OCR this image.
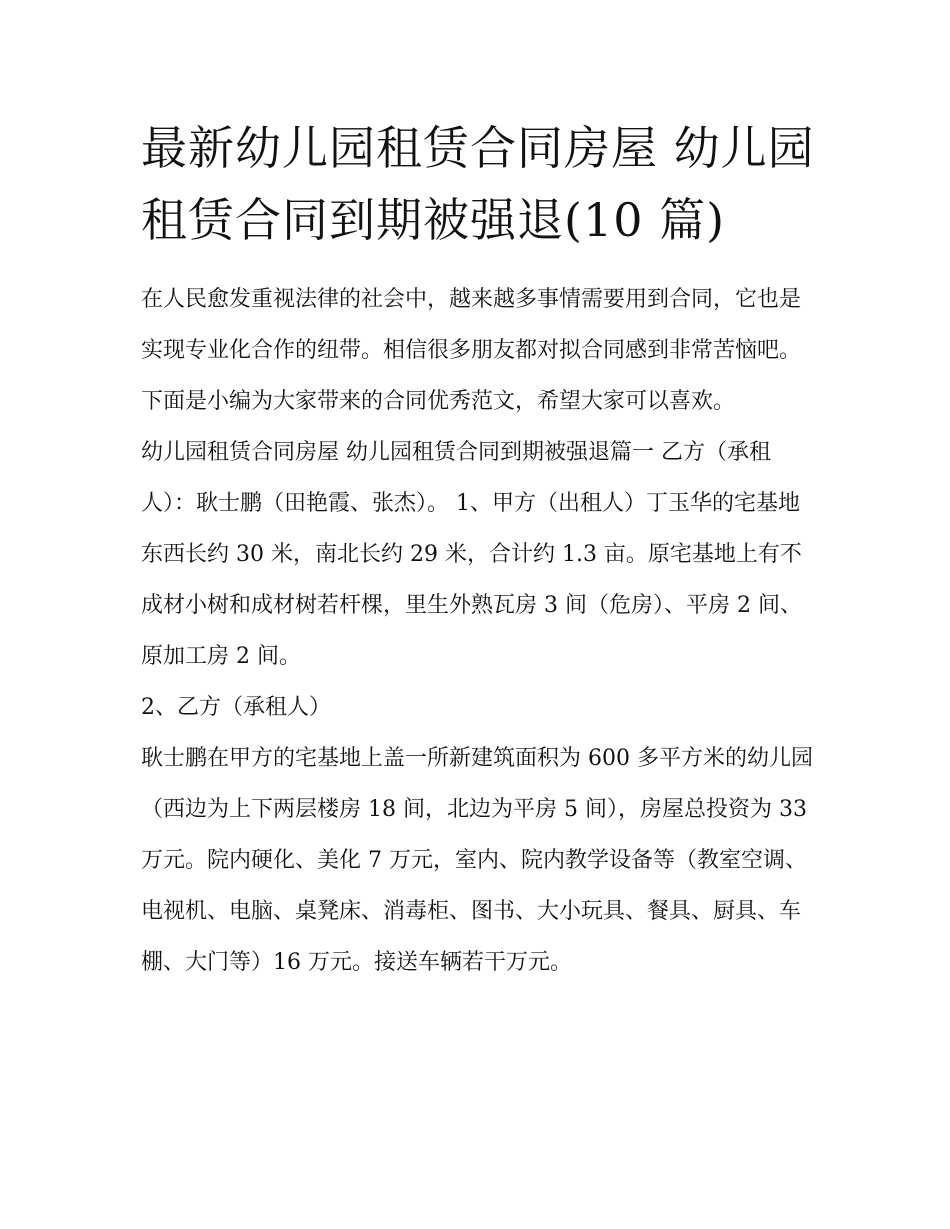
最新幼儿园租赁合同房屋 幼儿园租赁合同到期被强退(10 篇)

在人民愈发重视法律的社会中，越来越多事情需要用到合同，它也是实现专业化合作的纽带。相信很多朋友都对拟合同感到非常苦恼吧。下面是小编为大家带来的合同优秀范文，希望大家可以喜欢。

幼儿园租赁合同房屋 幼儿园租赁合同到期被强退篇一 乙方（承租人）：耿士鹏（田艳霞、张杰）。 1、甲方（出租人）丁玉华的宅基地东西长约 30 米，南北长约 29 米，合计约 1.3 亩。原宅基地上有不成材小树和成材树若杆棵，里生外熟瓦房 3 间（危房）、平房 2 间、原加工房 2 间。

2、乙方（承租人）

耿士鹏在甲方的宅基地上盖一所新建筑面积为 600 多平方米的幼儿园（西边为上下两层楼房 18 间，北边为平房 5 间），房屋总投资为 33 万元。院内硬化、美化 7 万元，室内、院内教学设备等（教室空调、电视机、电脑、桌凳床、消毒柜、图书、大小玩具、餐具、厨具、车棚、大门等）16 万元。接送车辆若干万元。
